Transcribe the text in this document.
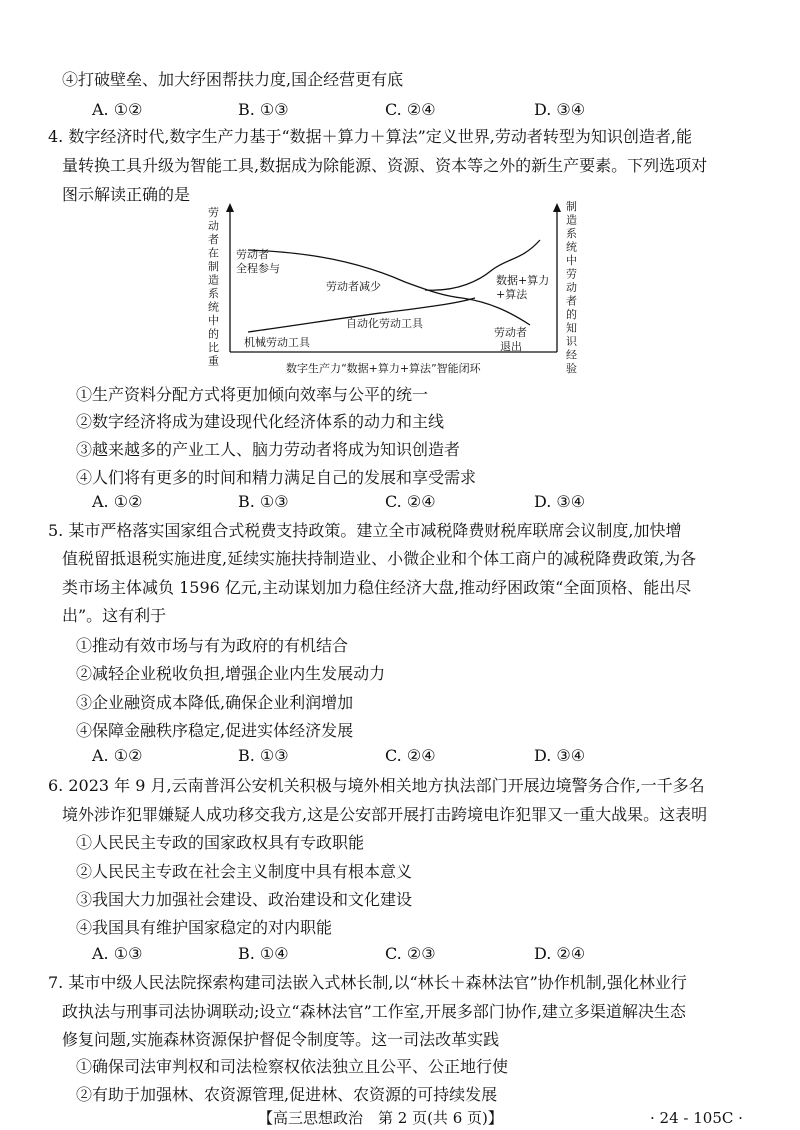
④打破壁垒、加大纾困帮扶力度,国企经营更有底
A. ①②	B. ①③	C. ②④	D. ③④
4. 数字经济时代,数字生产力基于“数据＋算力＋算法”定义世界,劳动者转型为知识创造者,能
量转换工具升级为智能工具,数据成为除能源、资源、资本等之外的新生产要素。下列选项对
图示解读正确的是
劳动者
全程参与
劳动者减少	数据+算力
+算法
自动化劳动工具
劳动者
退出
机械劳动工具
数字生产力“数据+算力+算法”智能闭环
劳动者在制造系统中的比重
制造系统中劳动者的知识经验
①生产资料分配方式将更加倾向效率与公平的统一
②数字经济将成为建设现代化经济体系的动力和主线
③越来越多的产业工人、脑力劳动者将成为知识创造者
④人们将有更多的时间和精力满足自己的发展和享受需求
A. ①②	B. ①③	C. ②④	D. ③④
5. 某市严格落实国家组合式税费支持政策。建立全市减税降费财税库联席会议制度,加快增
值税留抵退税实施进度,延续实施扶持制造业、小微企业和个体工商户的减税降费政策,为各
类市场主体减负 1596 亿元,主动谋划加力稳住经济大盘,推动纾困政策“全面顶格、能出尽
出”。这有利于
①推动有效市场与有为政府的有机结合
②减轻企业税收负担,增强企业内生发展动力
③企业融资成本降低,确保企业利润增加
④保障金融秩序稳定,促进实体经济发展
A. ①②	B. ①③	C. ②④	D. ③④
6. 2023 年 9 月,云南普洱公安机关积极与境外相关地方执法部门开展边境警务合作,一千多名
境外涉诈犯罪嫌疑人成功移交我方,这是公安部开展打击跨境电诈犯罪又一重大战果。这表明
①人民民主专政的国家政权具有专政职能
②人民民主专政在社会主义制度中具有根本意义
③我国大力加强社会建设、政治建设和文化建设
④我国具有维护国家稳定的对内职能
A. ①③	B. ①④	C. ②③	D. ②④
7. 某市中级人民法院探索构建司法嵌入式林长制,以“林长＋森林法官”协作机制,强化林业行
政执法与刑事司法协调联动;设立“森林法官”工作室,开展多部门协作,建立多渠道解决生态
修复问题,实施森林资源保护督促令制度等。这一司法改革实践
①确保司法审判权和司法检察权依法独立且公平、公正地行使
②有助于加强林、农资源管理,促进林、农资源的可持续发展
【高三思想政治　第 2 页(共 6 页)】	· 24 - 105C ·
